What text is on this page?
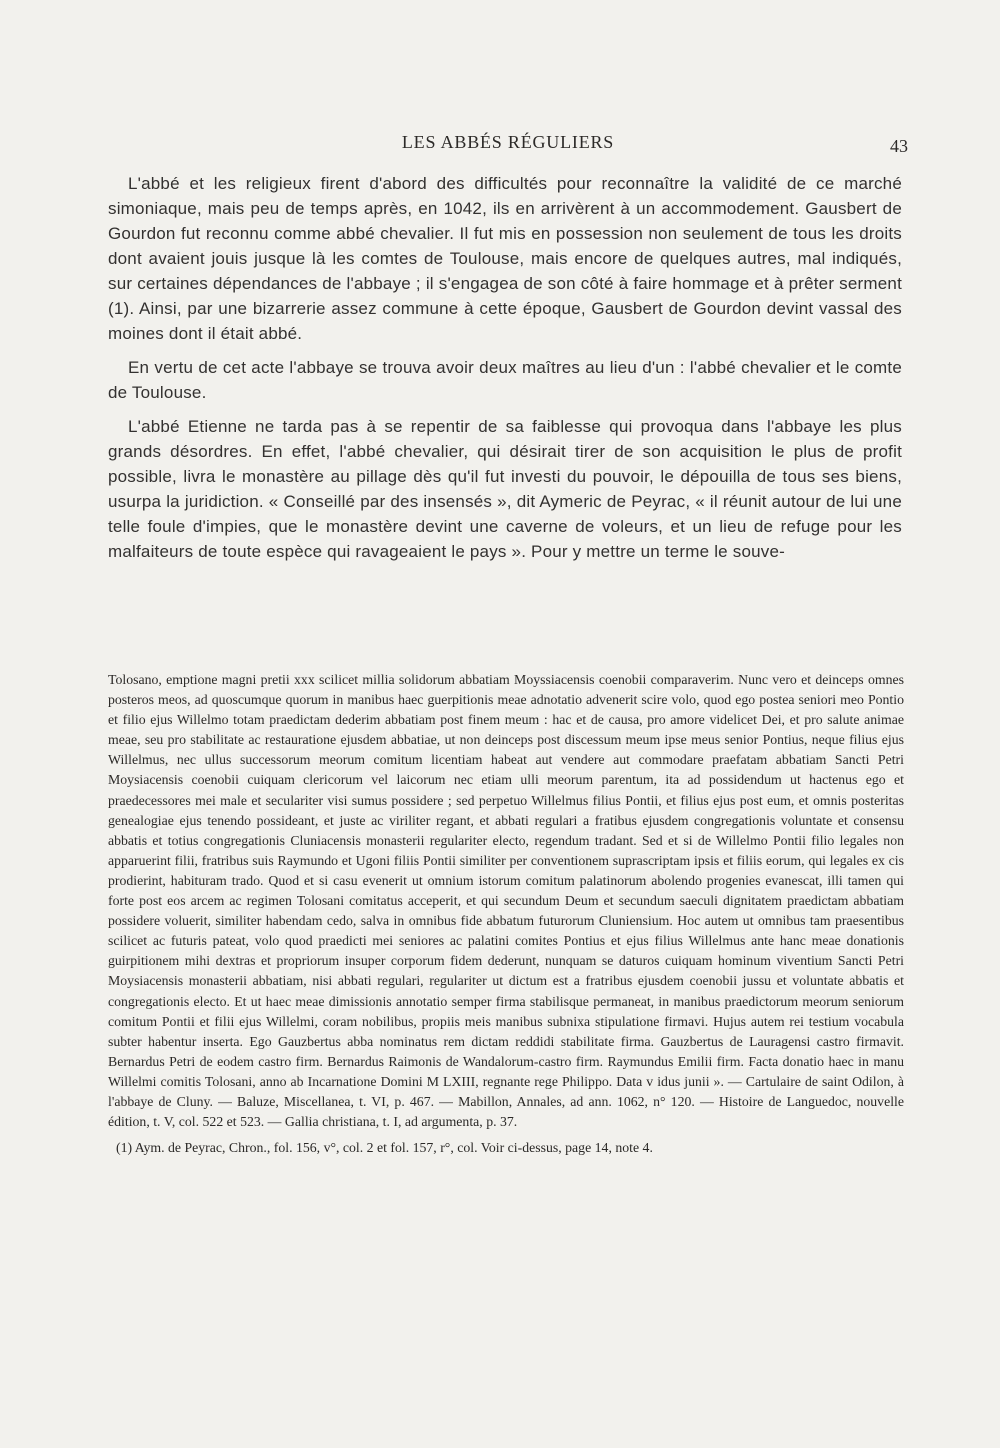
LES ABBÉS RÉGULIERS	43

L'abbé et les religieux firent d'abord des difficultés pour reconnaître la validité de ce marché simoniaque, mais peu de temps après, en 1042, ils en arrivèrent à un accommodement. Gausbert de Gourdon fut reconnu comme abbé chevalier. Il fut mis en possession non seulement de tous les droits dont avaient jouis jusque là les comtes de Toulouse, mais encore de quelques autres, mal indiqués, sur certaines dépendances de l'abbaye ; il s'engagea de son côté à faire hommage et à prêter serment (1). Ainsi, par une bizarrerie assez commune à cette époque, Gausbert de Gourdon devint vassal des moines dont il était abbé.

En vertu de cet acte l'abbaye se trouva avoir deux maîtres au lieu d'un : l'abbé chevalier et le comte de Toulouse.

L'abbé Etienne ne tarda pas à se repentir de sa faiblesse qui provoqua dans l'abbaye les plus grands désordres. En effet, l'abbé chevalier, qui désirait tirer de son acquisition le plus de profit possible, livra le monastère au pillage dès qu'il fut investi du pouvoir, le dépouilla de tous ses biens, usurpa la juridiction. « Conseillé par des insensés », dit Aymeric de Peyrac, « il réunit autour de lui une telle foule d'impies, que le monastère devint une caverne de voleurs, et un lieu de refuge pour les malfaiteurs de toute espèce qui ravageaient le pays ». Pour y mettre un terme le souve-

Tolosano, emptione magni pretii xxx scilicet millia solidorum abbatiam Moyssiacensis coenobii comparaverim. Nunc vero et deinceps omnes posteros meos, ad quoscumque quorum in manibus haec guerpitionis meae adnotatio advenerit scire volo, quod ego postea seniori meo Pontio et filio ejus Willelmo totam praedictam dederim abbatiam post finem meum : hac et de causa, pro amore videlicet Dei, et pro salute animae meae, seu pro stabilitate ac restauratione ejusdem abbatiae, ut non deinceps post discessum meum ipse meus senior Pontius, neque filius ejus Willelmus, nec ullus successorum meorum comitum licentiam habeat aut vendere aut commodare praefatam abbatiam Sancti Petri Moysiacensis coenobii cuiquam clericorum vel laicorum nec etiam ulli meorum parentum, ita ad possidendum ut hactenus ego et praedecessores mei male et seculariter visi sumus possidere ; sed perpetuo Willelmus filius Pontii, et filius ejus post eum, et omnis posteritas genealogiae ejus tenendo possideant, et juste ac viriliter regant, et abbati regulari a fratibus ejusdem congregationis voluntate et consensu abbatis et totius congregationis Cluniacensis monasterii regulariter electo, regendum tradant. Sed et si de Willelmo Pontii filio legales non apparuerint filii, fratribus suis Raymundo et Ugoni filiis Pontii similiter per conventionem suprascriptam ipsis et filiis eorum, qui legales ex cis prodierint, habituram trado. Quod et si casu evenerit ut omnium istorum comitum palatinorum abolendo progenies evanescat, illi tamen qui forte post eos arcem ac regimen Tolosani comitatus acceperit, et qui secundum Deum et secundum saeculi dignitatem praedictam abbatiam possidere voluerit, similiter habendam cedo, salva in omnibus fide abbatum futurorum Cluniensium. Hoc autem ut omnibus tam praesentibus scilicet ac futuris pateat, volo quod praedicti mei seniores ac palatini comites Pontius et ejus filius Willelmus ante hanc meae donationis guirpitionem mihi dextras et propriorum insuper corporum fidem dederunt, nunquam se daturos cuiquam hominum viventium Sancti Petri Moysiacensis monasterii abbatiam, nisi abbati regulari, regulariter ut dictum est a fratribus ejusdem coenobii jussu et voluntate abbatis et congregationis electo. Et ut haec meae dimissionis annotatio semper firma stabilisque permaneat, in manibus praedictorum meorum seniorum comitum Pontii et filii ejus Willelmi, coram nobilibus, propiis meis manibus subnixa stipulatione firmavi. Hujus autem rei testium vocabula subter habentur inserta. Ego Gauzbertus abba nominatus rem dictam reddidi stabilitate firma. Gauzbertus de Lauragensi castro firmavit. Bernardus Petri de eodem castro firm. Bernardus Raimonis de Wandalorum-castro firm. Raymundus Emilii firm. Facta donatio haec in manu Willelmi comitis Tolosani, anno ab Incarnatione Domini M LXIII, regnante rege Philippo. Data v idus junii ». — Cartulaire de saint Odilon, à l'abbaye de Cluny. — Baluze, Miscellanea, t. VI, p. 467. — Mabillon, Annales, ad ann. 1062, n° 120. — Histoire de Languedoc, nouvelle édition, t. V, col. 522 et 523. — Gallia christiana, t. I, ad argumenta, p. 37.

(1) Aym. de Peyrac, Chron., fol. 156, v°, col. 2 et fol. 157, r°, col. Voir ci-dessus, page 14, note 4.
